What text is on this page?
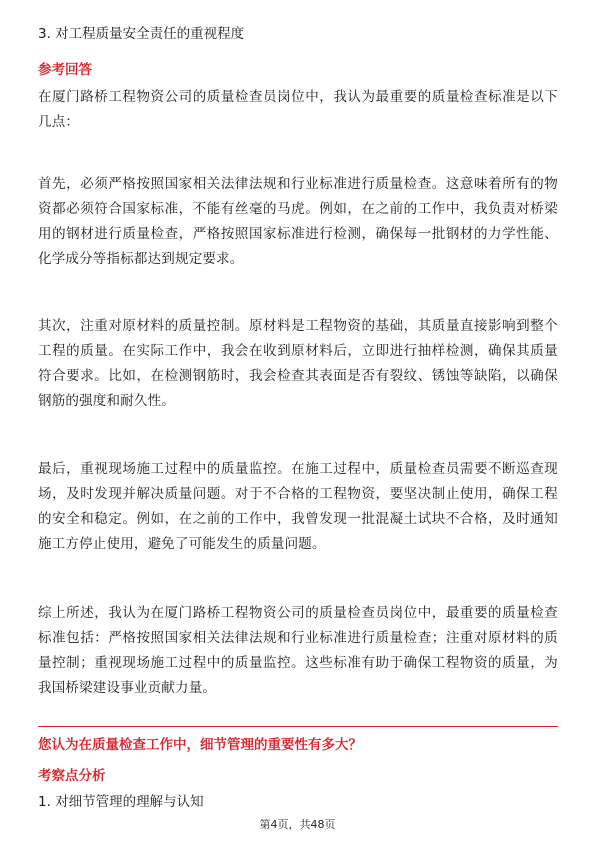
3. 对工程质量安全责任的重视程度
参考回答

在厦门路桥工程物资公司的质量检查员岗位中，我认为最重要的质量检查标准是以下几点：

首先，必须严格按照国家相关法律法规和行业标准进行质量检查。这意味着所有的物资都必须符合国家标准，不能有丝毫的马虎。例如，在之前的工作中，我负责对桥梁用的钢材进行质量检查，严格按照国家标准进行检测，确保每一批钢材的力学性能、化学成分等指标都达到规定要求。

其次，注重对原材料的质量控制。原材料是工程物资的基础，其质量直接影响到整个工程的质量。在实际工作中，我会在收到原材料后，立即进行抽样检测，确保其质量符合要求。比如，在检测钢筋时，我会检查其表面是否有裂纹、锈蚀等缺陷，以确保钢筋的强度和耐久性。

最后，重视现场施工过程中的质量监控。在施工过程中，质量检查员需要不断巡查现场，及时发现并解决质量问题。对于不合格的工程物资，要坚决制止使用，确保工程的安全和稳定。例如，在之前的工作中，我曾发现一批混凝土试块不合格，及时通知施工方停止使用，避免了可能发生的质量问题。

综上所述，我认为在厦门路桥工程物资公司的质量检查员岗位中，最重要的质量检查标准包括：严格按照国家相关法律法规和行业标准进行质量检查；注重对原材料的质量控制；重视现场施工过程中的质量监控。这些标准有助于确保工程物资的质量，为我国桥梁建设事业贡献力量。

您认为在质量检查工作中，细节管理的重要性有多大？
考察点分析
1. 对细节管理的理解与认知
第4页，共48页
